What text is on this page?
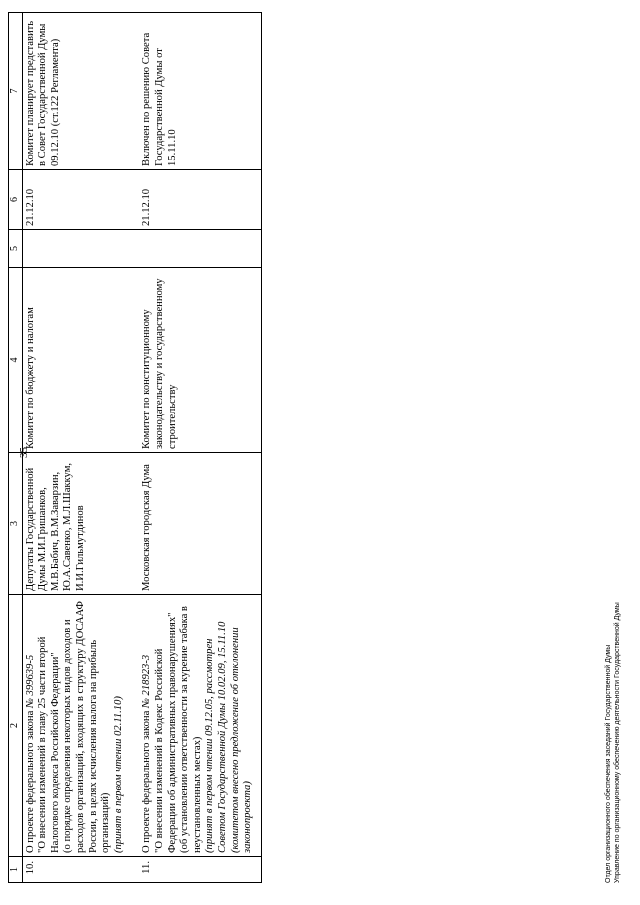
35
1	2	3	4	5	6	7
10.	О проекте федерального закона № 399639-5 "О внесении изменений в главу 25 части второй Налогового кодекса Российской Федерации" (о порядке определения некоторых видов доходов и расходов организаций, входящих в структуру ДОСААФ России, в целях исчисления налога на прибыль организаций) (принят в первом чтении 02.11.10)	Депутаты Государственной Думы М.И.Гришанков, М.В.Бабич, В.М.Заварзин, Ю.А.Савенко, М.Л.Шаккум, И.И.Гильмутдинов	Комитет по бюджету и налогам		21.12.10	Комитет планирует представить в Совет Государственной Думы 09.12.10 (ст.122 Регламента)

11.	О проекте федерального закона № 218923-3 "О внесении изменений в Кодекс Российской Федерации об административных правонарушениях" (об установлении ответственности за курение табака в неустановленных местах) (принят в первом чтении 09.12.05, рассмотрен Советом Государственной Думы 10.02.09, 15.11.10 (комитетом внесено предложение об отклонении законопроекта)	Московская городская Дума	Комитет по конституционному законодательству и государственному строительству		21.12.10	Включен по решению Совета Государственной Думы от 15.11.10

Отдел организационного обеспечения заседаний Государственной Думы Управление по организационному обеспечению деятельности Государственной Думы
